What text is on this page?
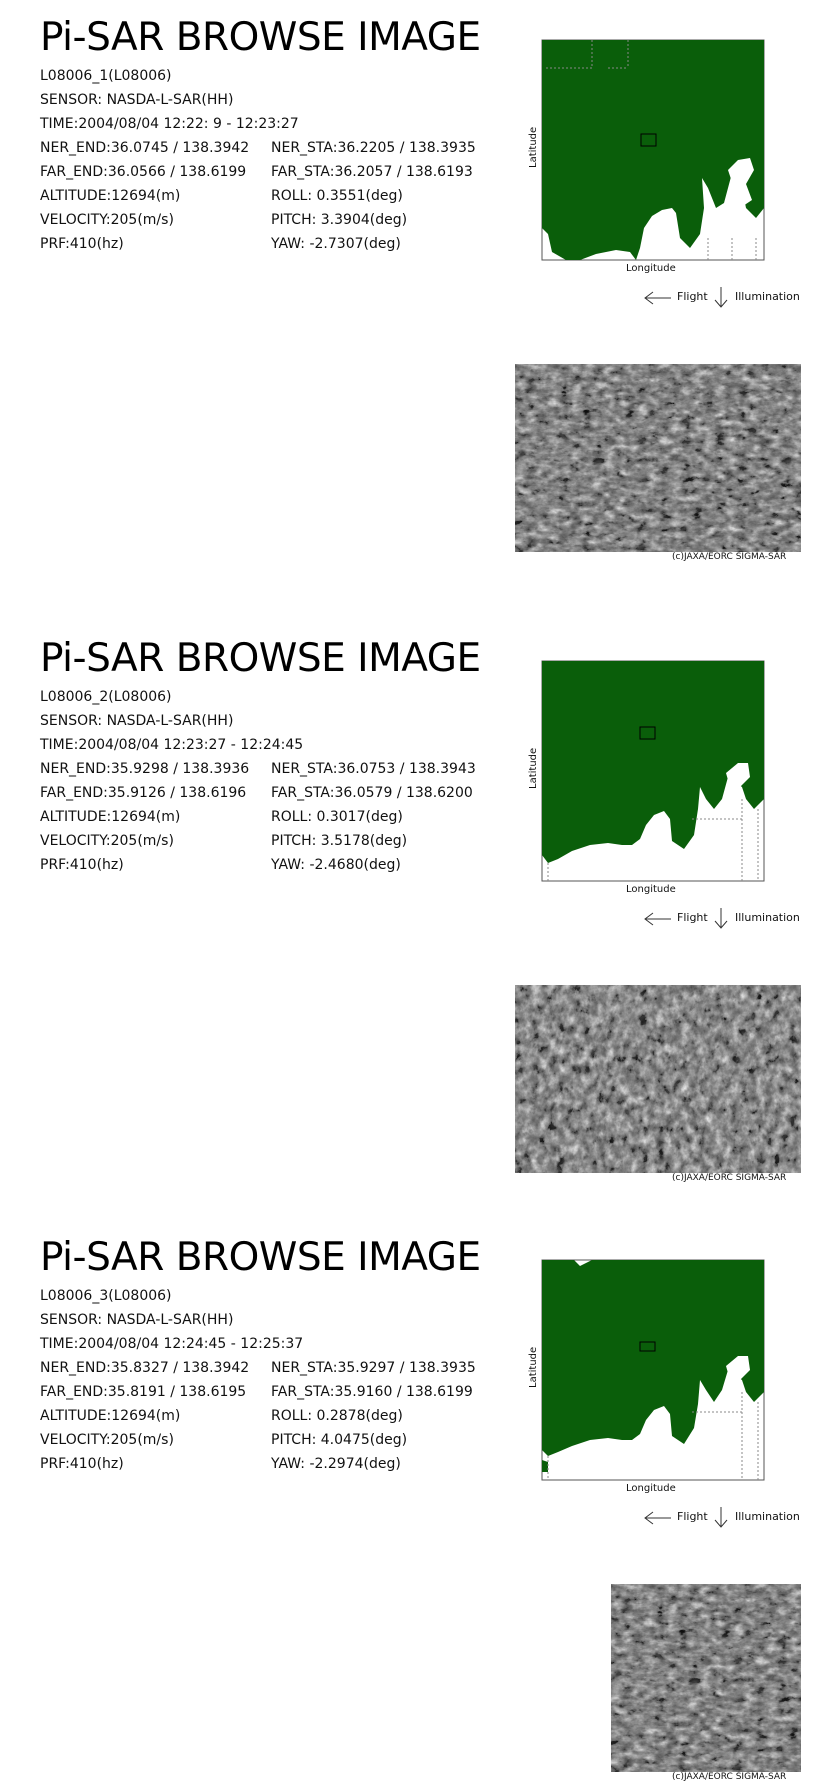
Pi-SAR BROWSE IMAGE
L08006_1(L08006)
SENSOR: NASDA-L-SAR(HH)
TIME:2004/08/04 12:22: 9 - 12:23:27
NER_END:36.0745 / 138.3942 NER_STA:36.2205 / 138.3935
FAR_END:36.0566 / 138.6199 FAR_STA:36.2057 / 138.6193
ALTITUDE:12694(m)	ROLL: 0.3551(deg)
VELOCITY:205(m/s)	PITCH: 3.3904(deg)
PRF:410(hz)	YAW: -2.7307(deg)
Longitude
Latitude
Flight Illumination
(c)JAXA/EORC SIGMA-SAR
Pi-SAR BROWSE IMAGE
L08006_2(L08006)
SENSOR: NASDA-L-SAR(HH)
TIME:2004/08/04 12:23:27 - 12:24:45
NER_END:35.9298 / 138.3936 NER_STA:36.0753 / 138.3943
FAR_END:35.9126 / 138.6196 FAR_STA:36.0579 / 138.6200
ALTITUDE:12694(m)	ROLL: 0.3017(deg)
VELOCITY:205(m/s)	PITCH: 3.5178(deg)
PRF:410(hz)	YAW: -2.4680(deg)
Longitude
Latitude
Flight Illumination
(c)JAXA/EORC SIGMA-SAR
Pi-SAR BROWSE IMAGE
L08006_3(L08006)
SENSOR: NASDA-L-SAR(HH)
TIME:2004/08/04 12:24:45 - 12:25:37
NER_END:35.8327 / 138.3942 NER_STA:35.9297 / 138.3935
FAR_END:35.8191 / 138.6195 FAR_STA:35.9160 / 138.6199
ALTITUDE:12694(m)	ROLL: 0.2878(deg)
VELOCITY:205(m/s)	PITCH: 4.0475(deg)
PRF:410(hz)	YAW: -2.2974(deg)
Longitude
Latitude
Flight Illumination
(c)JAXA/EORC SIGMA-SAR
